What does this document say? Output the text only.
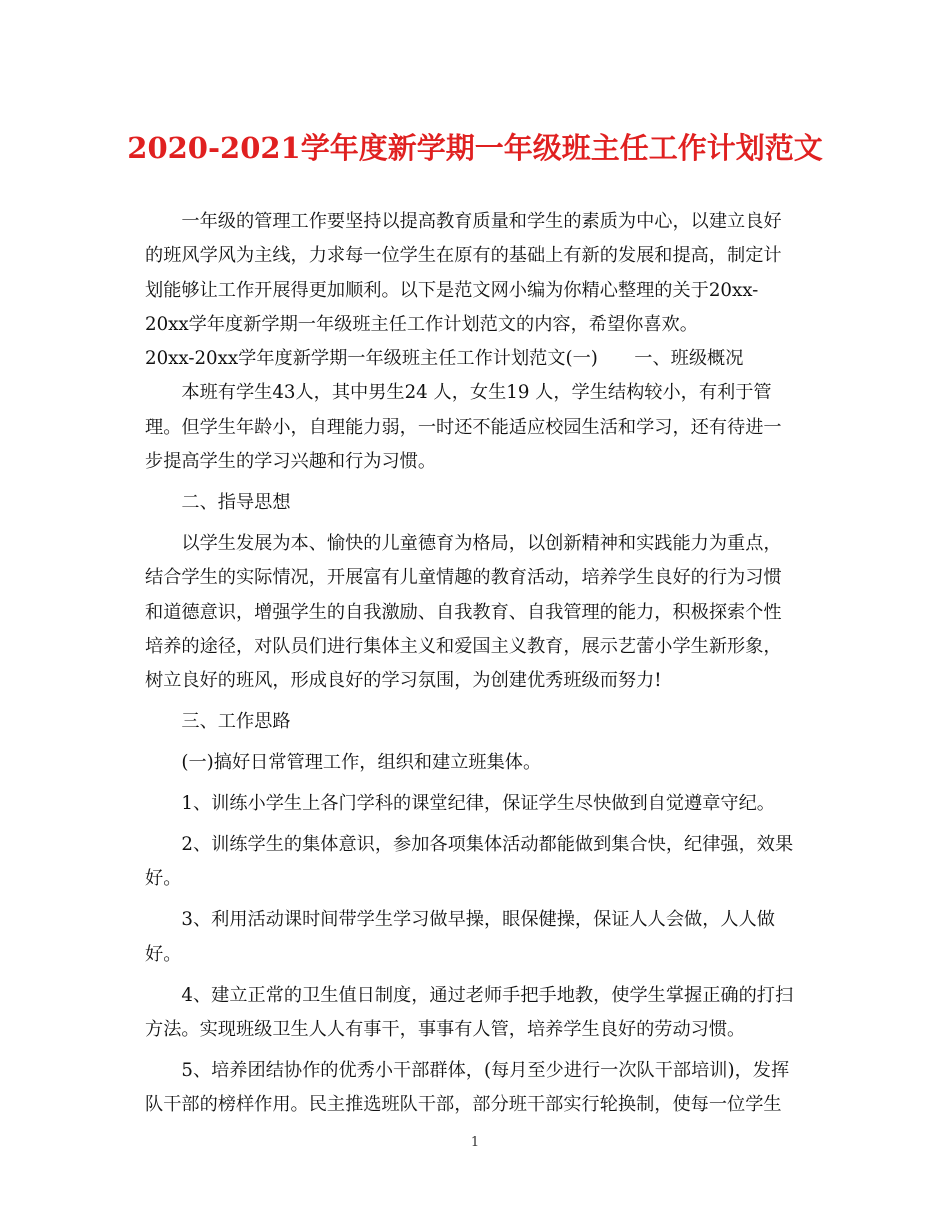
2020-2021学年度新学期一年级班主任工作计划范文
　　一年级的管理工作要坚持以提高教育质量和学生的素质为中心，以建立良好
的班风学风为主线，力求每一位学生在原有的基础上有新的发展和提高，制定计
划能够让工作开展得更加顺利。以下是范文网小编为你精心整理的关于20xx-
20xx学年度新学期一年级班主任工作计划范文的内容，希望你喜欢。
20xx-20xx学年度新学期一年级班主任工作计划范文(一)　　一、班级概况
　　本班有学生43人，其中男生24 人，女生19 人，学生结构较小，有利于管
理。但学生年龄小，自理能力弱，一时还不能适应校园生活和学习，还有待进一
步提高学生的学习兴趣和行为习惯。
　　二、指导思想
　　以学生发展为本、愉快的儿童德育为格局，以创新精神和实践能力为重点，
结合学生的实际情况，开展富有儿童情趣的教育活动，培养学生良好的行为习惯
和道德意识，增强学生的自我激励、自我教育、自我管理的能力，积极探索个性
培养的途径，对队员们进行集体主义和爱国主义教育，展示艺蕾小学生新形象，
树立良好的班风，形成良好的学习氛围，为创建优秀班级而努力!
　　三、工作思路
　　(一)搞好日常管理工作，组织和建立班集体。
　　1、训练小学生上各门学科的课堂纪律，保证学生尽快做到自觉遵章守纪。
　　2、训练学生的集体意识，参加各项集体活动都能做到集合快，纪律强，效果
好。
　　3、利用活动课时间带学生学习做早操，眼保健操，保证人人会做，人人做
好。
　　4、建立正常的卫生值日制度，通过老师手把手地教，使学生掌握正确的打扫
方法。实现班级卫生人人有事干，事事有人管，培养学生良好的劳动习惯。
　　5、培养团结协作的优秀小干部群体，(每月至少进行一次队干部培训)，发挥
队干部的榜样作用。民主推选班队干部，部分班干部实行轮换制，使每一位学生
1
